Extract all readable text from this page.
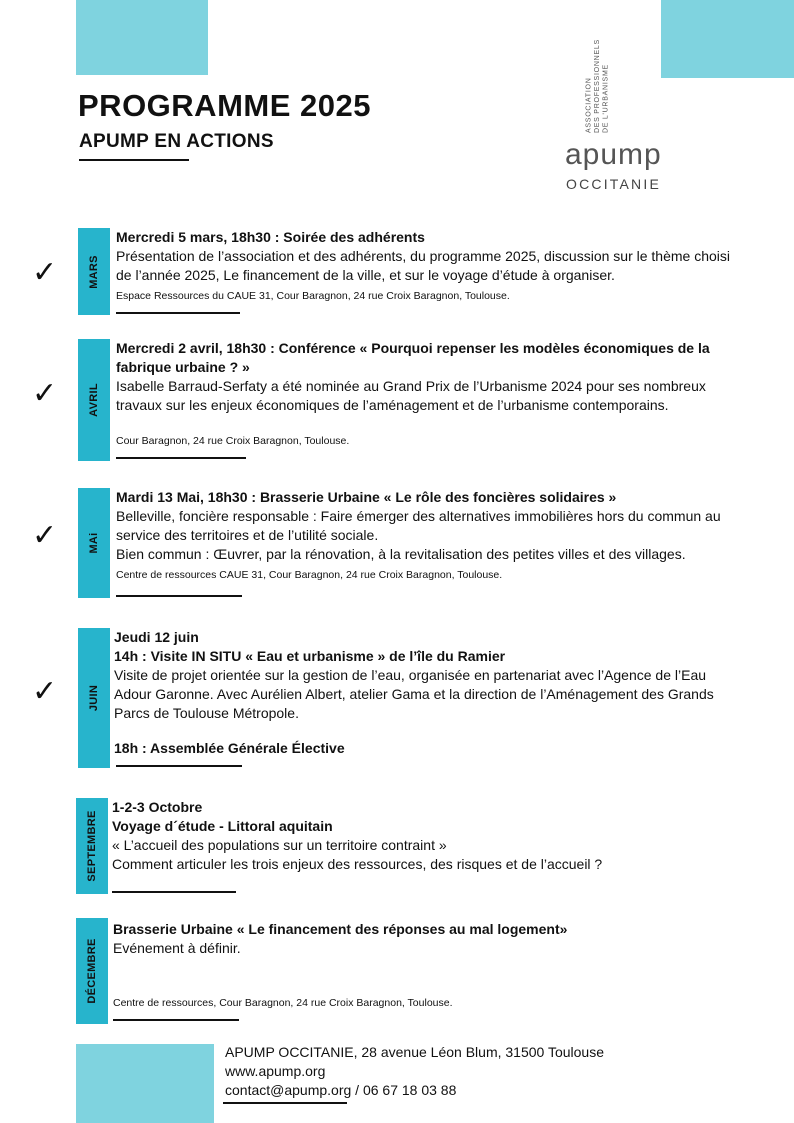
PROGRAMME 2025
APUMP EN ACTIONS
ASSOCIATION DES PROFESSIONNELS DE L'URBANISME
apump
OCCITANIE
MARS
✓
Mercredi 5 mars, 18h30 : Soirée des adhérents
Présentation de l’association et des adhérents, du programme 2025, discussion sur le thème choisi de l’année 2025, Le financement de la ville, et sur le voyage d’étude à organiser.
Espace Ressources du CAUE 31, Cour Baragnon, 24 rue Croix Baragnon, Toulouse.
AVRIL
✓
Mercredi 2 avril, 18h30 : Conférence « Pourquoi repenser les modèles économiques de la fabrique urbaine ? »
Isabelle Barraud-Serfaty a été nominée au Grand Prix de l’Urbanisme 2024 pour ses nombreux travaux sur les enjeux économiques de l’aménagement et de l’urbanisme contemporains.
Cour Baragnon, 24 rue Croix Baragnon, Toulouse.
MAi
✓
Mardi 13 Mai, 18h30 : Brasserie Urbaine « Le rôle des foncières solidaires »
Belleville, foncière responsable : Faire émerger des alternatives immobilières hors du commun au service des territoires et de l’utilité sociale.
Bien commun : Œuvrer, par la rénovation, à la revitalisation des petites villes et des villages.
Centre de ressources CAUE 31, Cour Baragnon, 24 rue Croix Baragnon, Toulouse.
JUIN
✓
Jeudi 12 juin
14h : Visite IN SITU « Eau et urbanisme » de l’île du Ramier
Visite de projet orientée sur la gestion de l’eau, organisée en partenariat avec l’Agence de l’Eau Adour Garonne. Avec Aurélien Albert, atelier Gama et la direction de l’Aménagement des Grands Parcs de Toulouse Métropole.
18h : Assemblée Générale Élective
SEPTEMBRE
1-2-3 Octobre
Voyage d´étude - Littoral aquitain
« L’accueil des populations sur un territoire contraint »
Comment articuler les trois enjeux des ressources, des risques et de l’accueil ?
DÉCEMBRE
Brasserie Urbaine « Le financement des réponses au mal logement»
Evénement à définir.
Centre de ressources, Cour Baragnon, 24 rue Croix Baragnon, Toulouse.
APUMP OCCITANIE, 28 avenue Léon Blum, 31500 Toulouse
www.apump.org
contact@apump.org / 06 67 18 03 88
